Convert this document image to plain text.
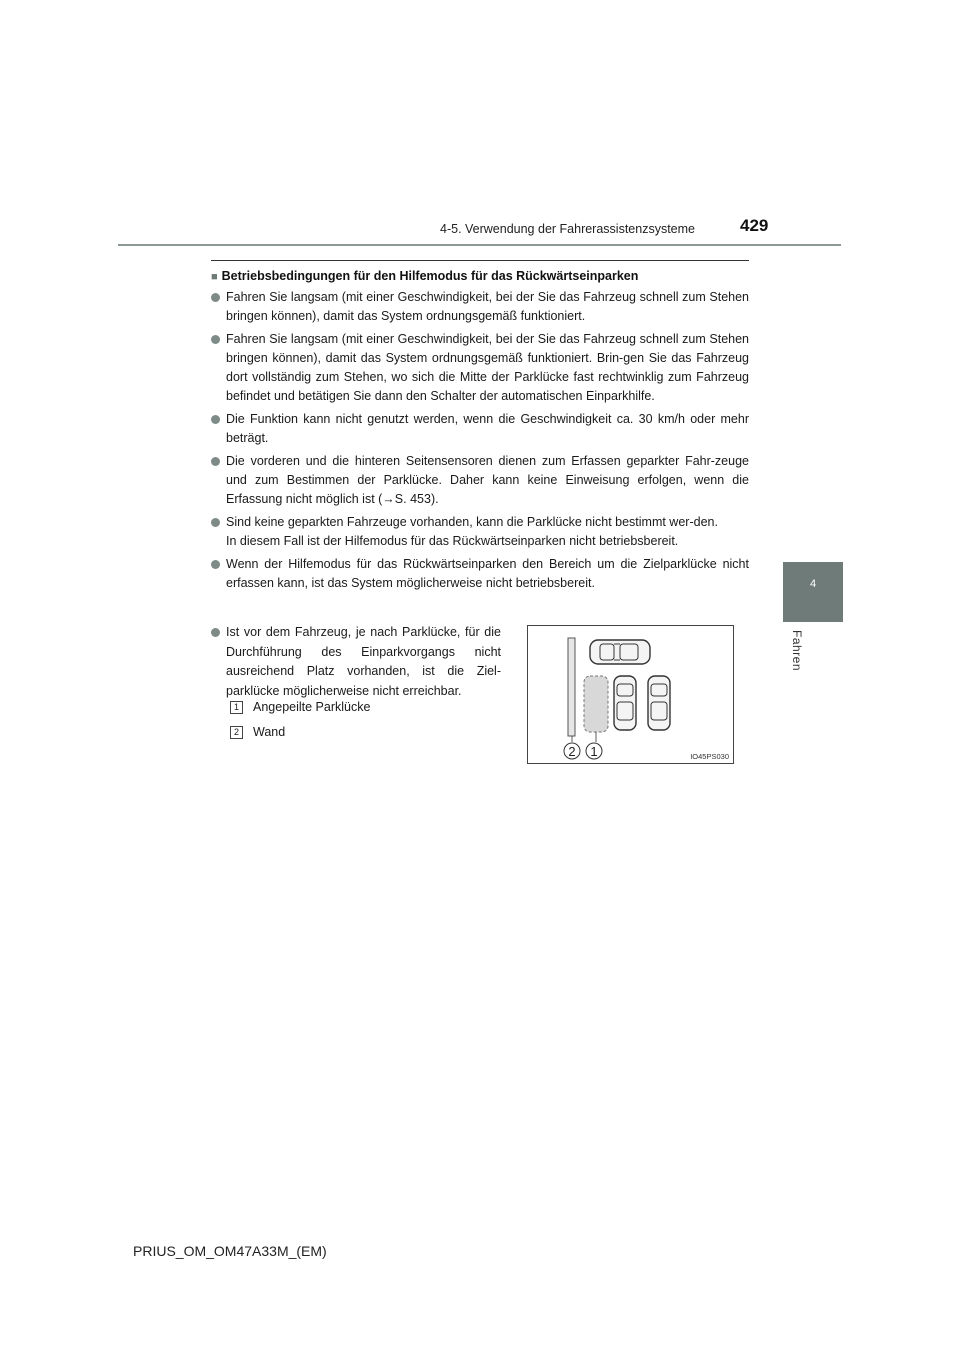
4-5. Verwendung der Fahrerassistenzsysteme	429
4
Fahren
■ Betriebsbedingungen für den Hilfemodus für das Rückwärtseinparken
Fahren Sie langsam (mit einer Geschwindigkeit, bei der Sie das Fahrzeug schnell zum Stehen bringen können), damit das System ordnungsgemäß funktioniert.
Fahren Sie langsam (mit einer Geschwindigkeit, bei der Sie das Fahrzeug schnell zum Stehen bringen können), damit das System ordnungsgemäß funktioniert. Brin-gen Sie das Fahrzeug dort vollständig zum Stehen, wo sich die Mitte der Parklücke fast rechtwinklig zum Fahrzeug befindet und betätigen Sie dann den Schalter der automatischen Einparkhilfe.
Die Funktion kann nicht genutzt werden, wenn die Geschwindigkeit ca. 30 km/h oder mehr beträgt.
Die vorderen und die hinteren Seitensensoren dienen zum Erfassen geparkter Fahr-zeuge und zum Bestimmen der Parklücke. Daher kann keine Einweisung erfolgen, wenn die Erfassung nicht möglich ist (→S. 453).
Sind keine geparkten Fahrzeuge vorhanden, kann die Parklücke nicht bestimmt wer-den.
In diesem Fall ist der Hilfemodus für das Rückwärtseinparken nicht betriebsbereit.
Wenn der Hilfemodus für das Rückwärtseinparken den Bereich um die Zielparklücke nicht erfassen kann, ist das System möglicherweise nicht betriebsbereit.
Ist vor dem Fahrzeug, je nach Parklücke, für die Durchführung des Einparkvorgangs nicht ausreichend Platz vorhanden, ist die Ziel-parklücke möglicherweise nicht erreichbar.
1 Angepeilte Parklücke
2 Wand
2 1	IO45PS030
PRIUS_OM_OM47A33M_(EM)
